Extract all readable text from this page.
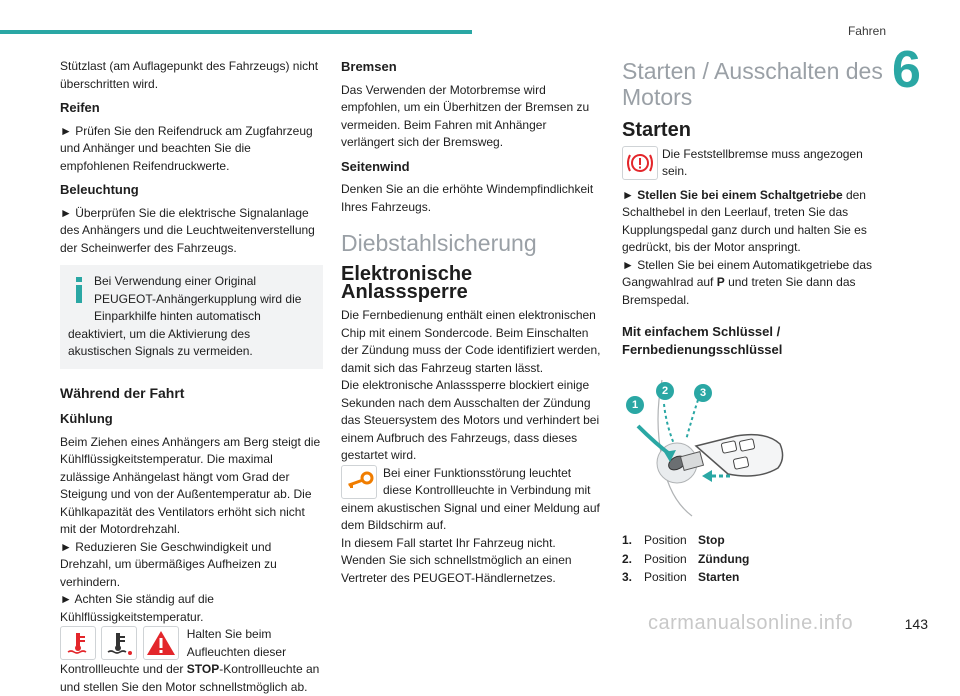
Fahren
6

Stützlast (am Auflagepunkt des Fahrzeugs) nicht überschritten wird.

Reifen

► Prüfen Sie den Reifendruck am Zugfahrzeug und Anhänger und beachten Sie die empfohlenen Reifendruckwerte.

Beleuchtung

► Überprüfen Sie die elektrische Signalanlage des Anhängers und die Leuchtweitenverstellung der Scheinwerfer des Fahrzeugs.

Bei Verwendung einer Original PEUGEOT-Anhängerkupplung wird die Einparkhilfe hinten automatisch deaktiviert, um die Aktivierung des akustischen Signals zu vermeiden.
Während der Fahrt
Kühlung

Beim Ziehen eines Anhängers am Berg steigt die Kühlflüssigkeitstemperatur. Die maximal zulässige Anhängelast hängt vom Grad der Steigung und von der Außentemperatur ab. Die Kühlkapazität des Ventilators erhöht sich nicht mit der Motordrehzahl.

► Reduzieren Sie Geschwindigkeit und Drehzahl, um übermäßiges Aufheizen zu verhindern.

► Achten Sie ständig auf die Kühlflüssigkeitstemperatur.

Halten Sie beim Aufleuchten dieser Kontrollleuchte und der STOP-Kontrollleuchte an und stellen Sie den Motor schnellstmöglich ab.
Bremsen

Das Verwenden der Motorbremse wird empfohlen, um ein Überhitzen der Bremsen zu vermeiden. Beim Fahren mit Anhänger verlängert sich der Bremsweg.

Seitenwind

Denken Sie an die erhöhte Windempfindlichkeit Ihres Fahrzeugs.

Diebstahlsicherung
Elektronische Anlasssperre

Die Fernbedienung enthält einen elektronischen Chip mit einem Sondercode. Beim Einschalten der Zündung muss der Code identifiziert werden, damit sich das Fahrzeug starten lässt.

Die elektronische Anlasssperre blockiert einige Sekunden nach dem Ausschalten der Zündung das Steuersystem des Motors und verhindert bei einem Aufbruch des Fahrzeugs, dass dieses gestartet wird.

Bei einer Funktionsstörung leuchtet diese Kontrollleuchte in Verbindung mit einem akustischen Signal und einer Meldung auf dem Bildschirm auf.

In diesem Fall startet Ihr Fahrzeug nicht. Wenden Sie sich schnellstmöglich an einen Vertreter des PEUGEOT-Händlernetzes.

Starten / Ausschalten des Motors
Starten
Die Feststellbremse muss angezogen sein.

► Stellen Sie bei einem Schaltgetriebe den Schalthebel in den Leerlauf, treten Sie das Kupplungspedal ganz durch und halten Sie es gedrückt, bis der Motor anspringt.

► Stellen Sie bei einem Automatikgetriebe das Gangwahlrad auf P und treten Sie dann das Bremspedal.

Mit einfachem Schlüssel / Fernbedienungsschlüssel
1
2	3
1. Position
Stop
2. Position
Zündung
3. Position
Starten
carmanualsonline.info	143
